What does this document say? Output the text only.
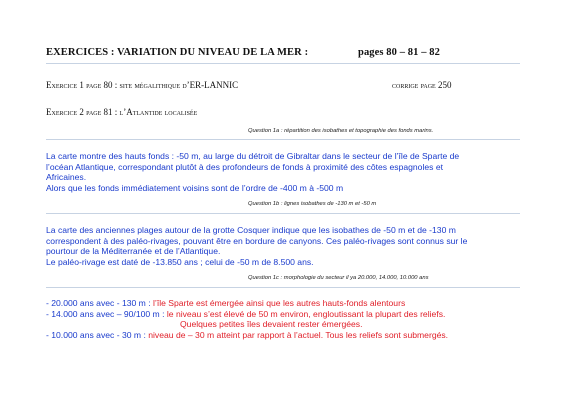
EXERCICES : VARIATION DU NIVEAU DE LA MER :	pages 80 – 81 – 82
Exercice 1 page 80 : site mégalithique d’ER-LANNIC	corrige page 250
Exercice 2 page 81 : l’Atlantide localisée
Question 1a : répartition des isobathes et topographie des fonds marins.
La carte montre des hauts fonds : -50 m, au large du détroit de Gibraltar dans le secteur de l’île de Sparte de
l’océan Atlantique, correspondant plutôt à des profondeurs de fonds à proximité des côtes espagnoles et
Africaines.
Alors que les fonds immédiatement voisins sont de l’ordre de -400 m à -500 m
Question 1b : lignes isobathes de -130 m et -50 m
La carte des anciennes plages autour de la grotte Cosquer indique que les isobathes de -50 m et de -130 m
correspondent à des paléo-rivages, pouvant être en bordure de canyons. Ces paléo-rivages sont connus sur le
pourtour de la Méditerranée et de l’Atlantique.
Le paléo-rivage est daté de -13.850 ans ; celui de -50 m de 8.500 ans.
Question 1c : morphologie du secteur il ya 20.000, 14.000, 10.000 ans
- 20.000 ans avec - 130 m : l’île Sparte est émergée ainsi que les autres hauts-fonds alentours
- 14.000 ans avec – 90/100 m : le niveau s’est élevé de 50 m environ, engloutissant la plupart des reliefs.
Quelques petites îles devaient rester émergées.
- 10.000 ans avec - 30 m : niveau de – 30 m atteint par rapport à l’actuel. Tous les reliefs sont submergés.
